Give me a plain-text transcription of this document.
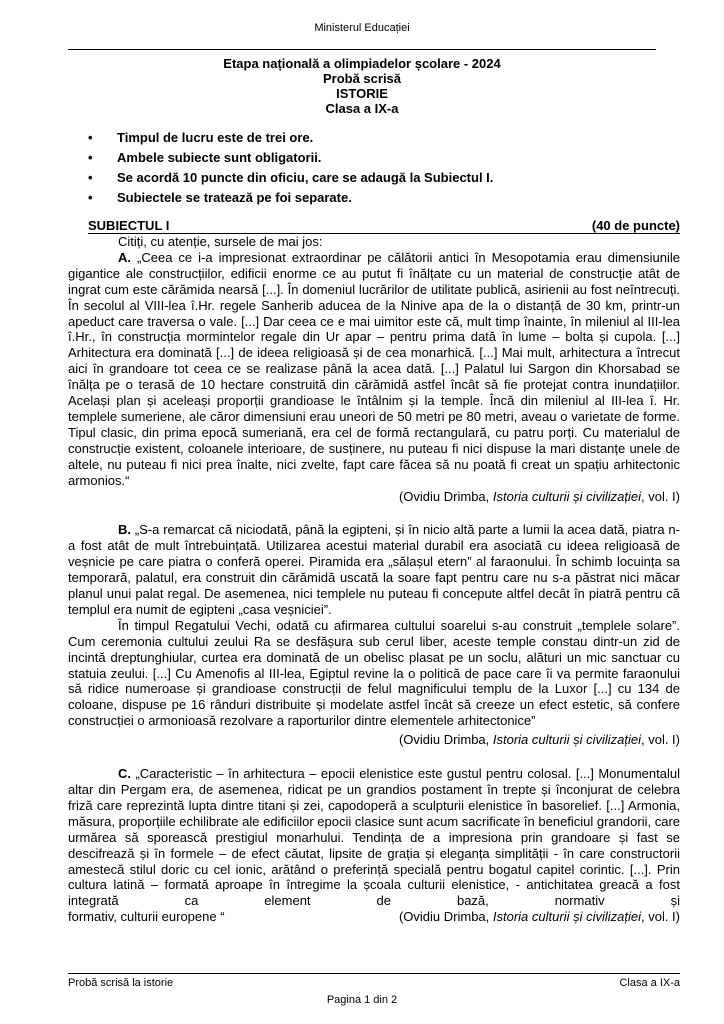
Ministerul Educației
Etapa națională a olimpiadelor școlare - 2024
Probă scrisă
ISTORIE
Clasa a IX-a
• Timpul de lucru este de trei ore.
• Ambele subiecte sunt obligatorii.
• Se acordă 10 puncte din oficiu, care se adaugă la Subiectul I.
• Subiectele se tratează pe foi separate.
SUBIECTUL I	(40 de puncte)

Citiți, cu atenție, sursele de mai jos:

A. „Ceea ce i-a impresionat extraordinar pe călătorii antici în Mesopotamia erau dimensiunile gigantice ale construcțiilor, edificii enorme ce au putut fi înălțate cu un material de construcție atât de ingrat cum este cărămida nearsă [...]. În domeniul lucrărilor de utilitate publică, asirienii au fost neîntrecuți. În secolul al VIII-lea î.Hr. regele Sanherib aducea de la Ninive apa de la o distanță de 30 km, printr-un apeduct care traversa o vale. [...] Dar ceea ce e mai uimitor este că, mult timp înainte, în mileniul al III-lea î.Hr., în construcția mormintelor regale din Ur apar – pentru prima dată în lume – bolta și cupola. [...] Arhitectura era dominată [...] de ideea religioasă și de cea monarhică. [...] Mai mult, arhitectura a întrecut aici în grandoare tot ceea ce se realizase până la acea dată. [...] Palatul lui Sargon din Khorsabad se înălța pe o terasă de 10 hectare construită din cărămidă astfel încât să fie protejat contra inundațiilor. Același plan și aceleași proporții grandioase le întâlnim și la temple. Încă din mileniul al III-lea î. Hr. templele sumeriene, ale căror dimensiuni erau uneori de 50 metri pe 80 metri, aveau o varietate de forme. Tipul clasic, din prima epocă sumeriană, era cel de formă rectangulară, cu patru porți. Cu materialul de construcție existent, coloanele interioare, de susținere, nu puteau fi nici dispuse la mari distanțe unele de altele, nu puteau fi nici prea înalte, nici zvelte, fapt care făcea să nu poată fi creat un spațiu arhitectonic armonios.“

(Ovidiu Drimba, Istoria culturii și civilizației, vol. I)

B. „S-a remarcat că niciodată, până la egipteni, și în nicio altă parte a lumii la acea dată, piatra n-a fost atât de mult întrebuințată. Utilizarea acestui material durabil era asociată cu ideea religioasă de veșnicie pe care piatra o conferă operei. Piramida era „sălașul etern” al faraonului. În schimb locuința sa temporară, palatul, era construit din cărămidă uscată la soare fapt pentru care nu s-a păstrat nici măcar planul unui palat regal. De asemenea, nici templele nu puteau fi concepute altfel decât în piatră pentru că templul era numit de egipteni „casa veșniciei”.

În timpul Regatului Vechi, odată cu afirmarea cultului soarelui s-au construit „templele solare”. Cum ceremonia cultului zeului Ra se desfășura sub cerul liber, aceste temple constau dintr-un zid de incintă dreptunghiular, curtea era dominată de un obelisc plasat pe un soclu, alături un mic sanctuar cu statuia zeului. [...] Cu Amenofis al III-lea, Egiptul revine la o politică de pace care îi va permite faraonului să ridice numeroase și grandioase construcții de felul magnificului templu de la Luxor [...] cu 134 de coloane, dispuse pe 16 rânduri distribuite și modelate astfel încât să creeze un efect estetic, să confere construcției o armonioasă rezolvare a raporturilor dintre elementele arhitectonice”

(Ovidiu Drimba, Istoria culturii și civilizației, vol. I)

C. „Caracteristic – în arhitectura – epocii elenistice este gustul pentru colosal. [...] Monumentalul altar din Pergam era, de asemenea, ridicat pe un grandios postament în trepte și înconjurat de celebra friză care reprezintă lupta dintre titani și zei, capodoperă a sculpturii elenistice în basorelief. [...] Armonia, măsura, proporțiile echilibrate ale edificiilor epocii clasice sunt acum sacrificate în beneficiul grandorii, care urmărea să sporească prestigiul monarhului. Tendința de a impresiona prin grandoare și fast se descifrează și în formele – de efect căutat, lipsite de grația și eleganța simplității - în care constructorii amestecă stilul doric cu cel ionic, arătând o preferință specială pentru bogatul capitel corintic. [...]. Prin cultura latină – formată aproape în întregime la școala culturii elenistice, - antichitatea greacă a fost integrată ca element de bază, normativ și

formativ, culturii europene “	(Ovidiu Drimba, Istoria culturii și civilizației, vol. I)
Probă scrisă la istorie	Clasa a IX-a
Pagina 1 din 2
